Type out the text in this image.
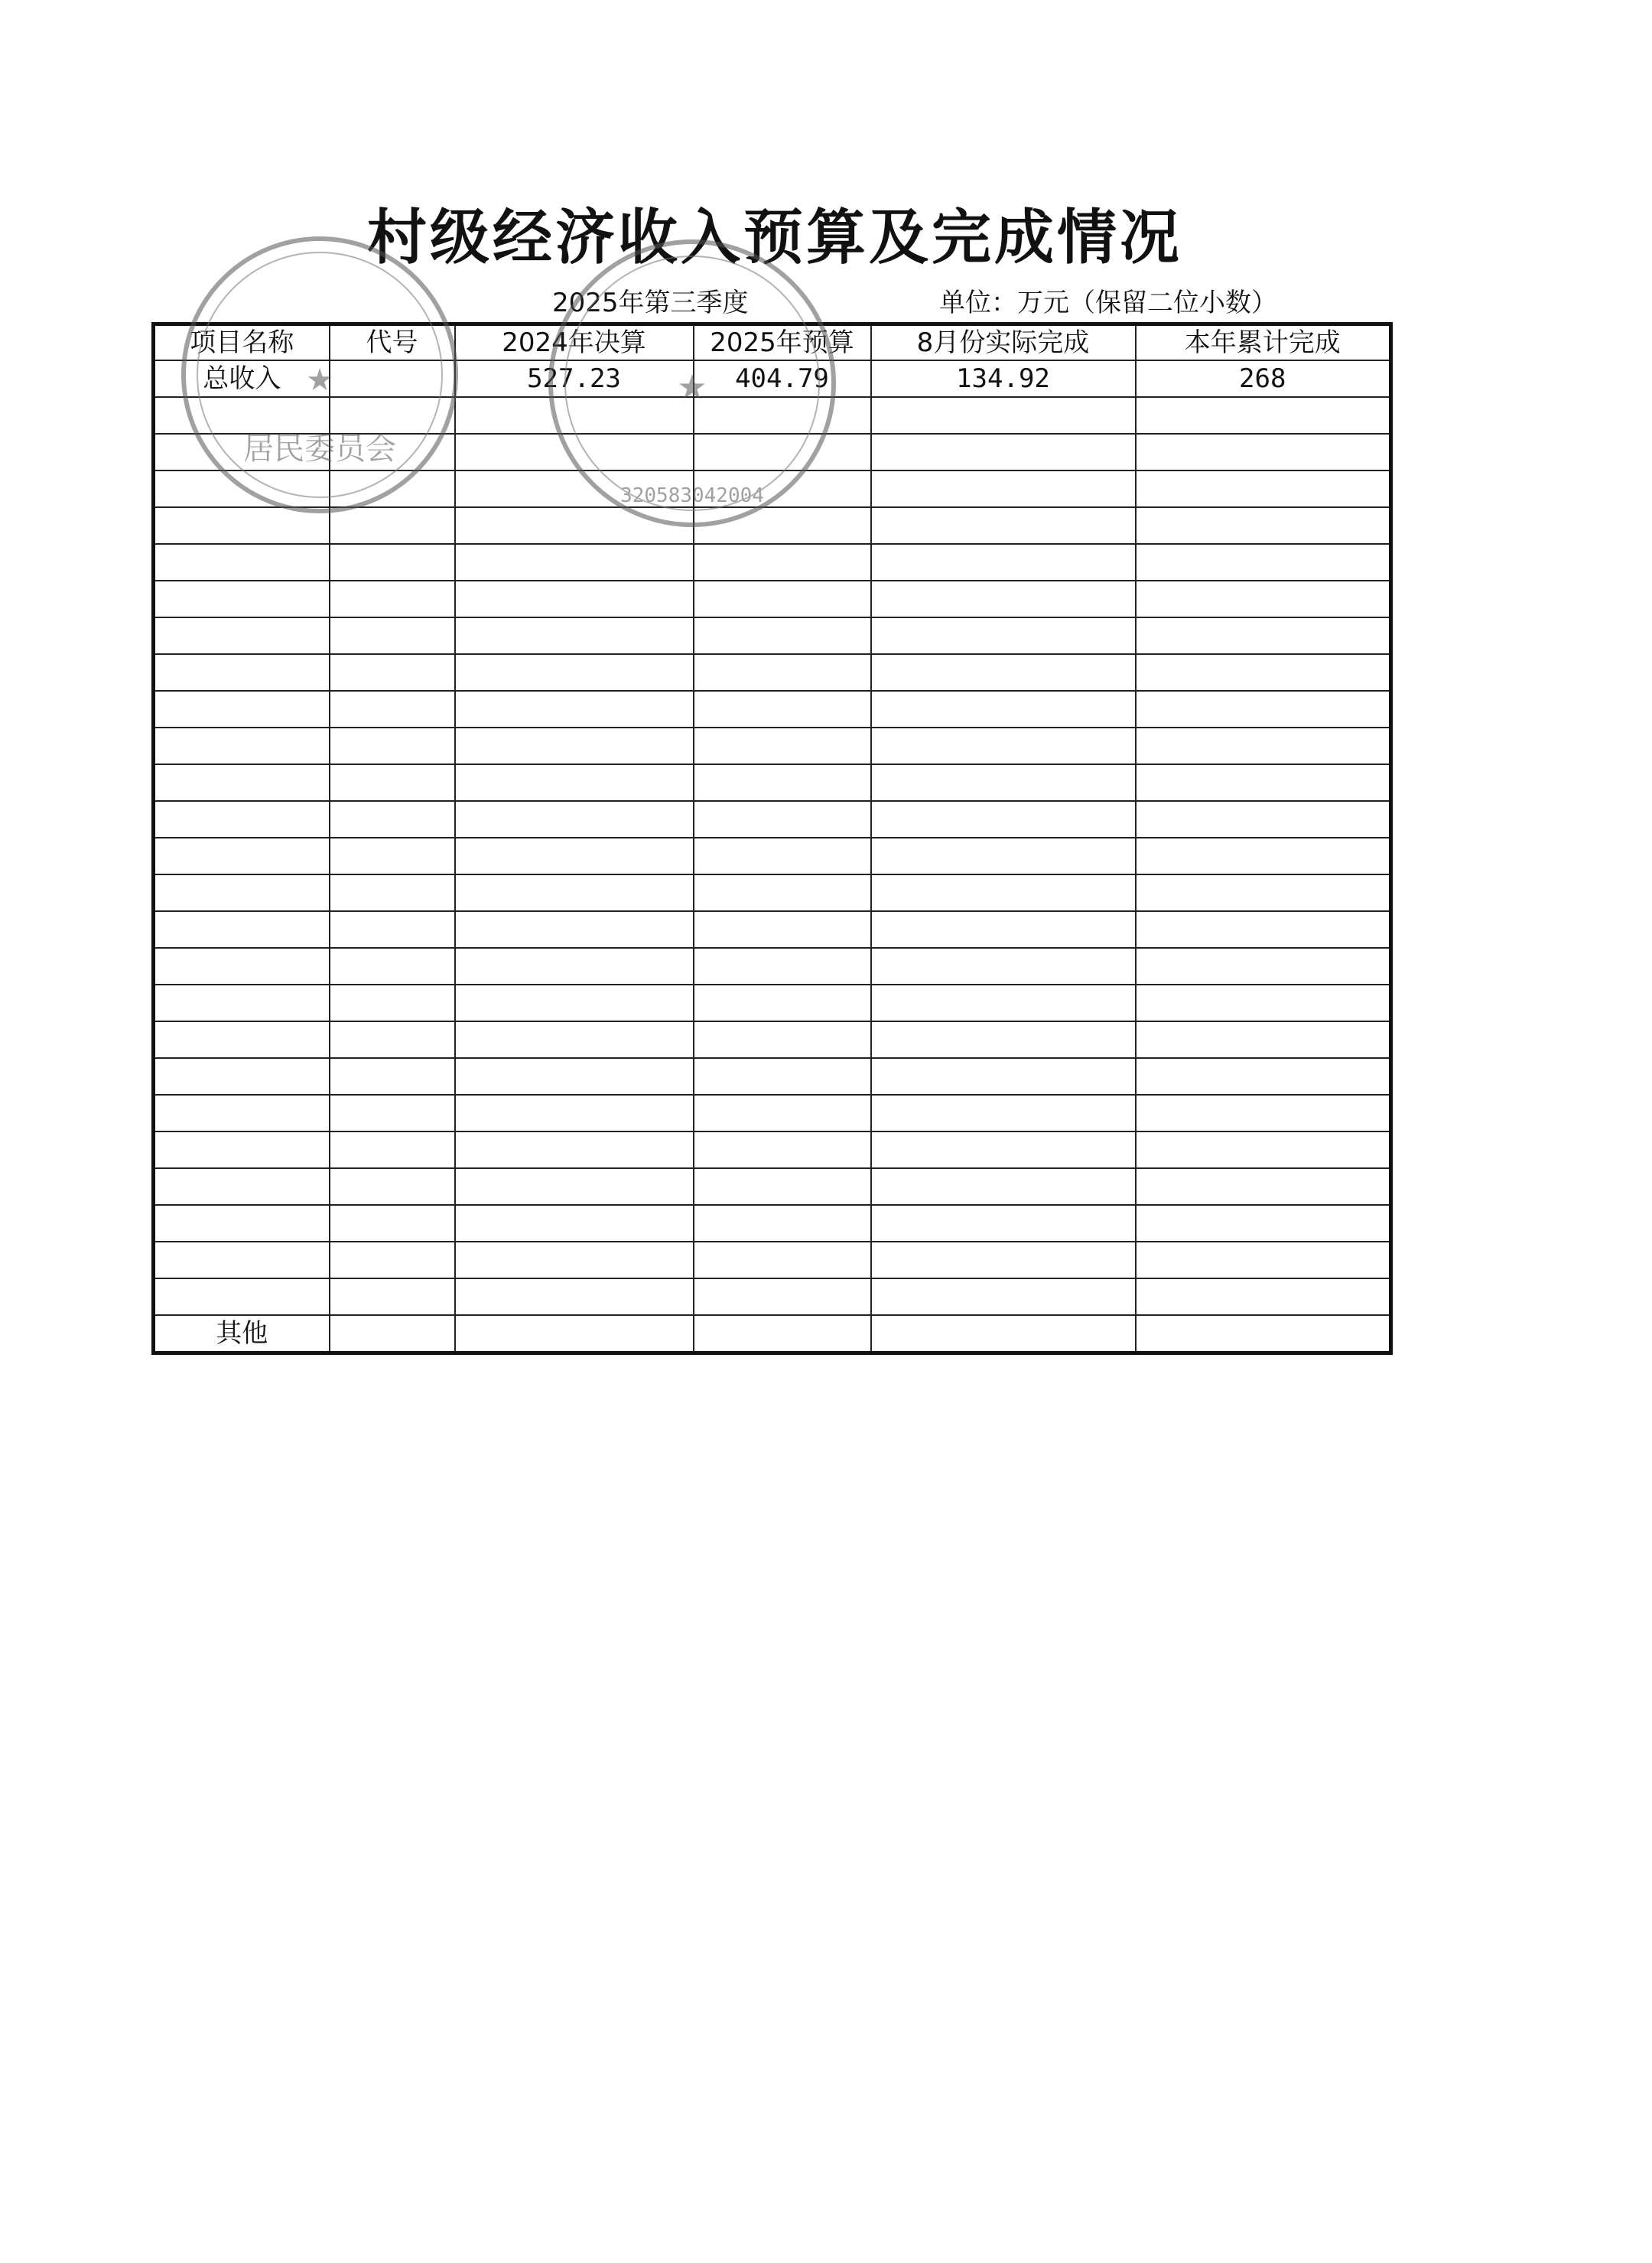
村级经济收入预算及完成情况
2025年第三季度	单位：万元（保留二位小数）
项目名称	代号	2024年决算	2025年预算	8月份实际完成	本年累计完成
总收入		527.23	404.79	134.92	268

其他					
★
居民委员会
★
320583042004
